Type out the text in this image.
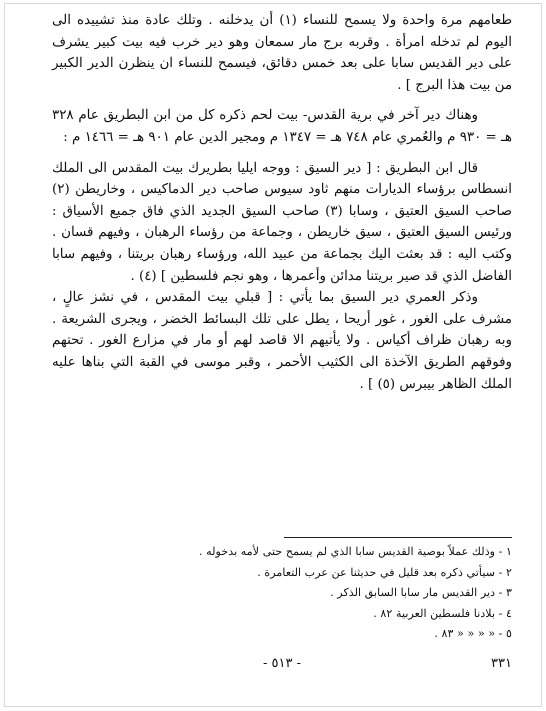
طعامهم مرة واحدة ولا يسمح للنساء (١) أن يدخلنه . وتلك عادة منذ تشييده الى اليوم لم تدخله امرأة . وقربه برج مار سمعان وهو دير خرب فيه بيت كبير يشرف على دير القديس سابا على بعد خمس دقائق، فيسمح للنساء ان ينظرن الدير الكبير من بيت هذا البرج ] .

وهناك دير آخر في برية القدس- بيت لحم ذكره كل من ابن البطريق عام ٣٢٨ هـ = ٩٣٠ م والعُمري عام ٧٤٨ هـ = ١٣٤٧ م ومجير الدين عام ٩٠١ هـ = ١٤٦٦ م :

قال ابن البطريق : [ دير السيق : ووجه ايليا بطريرك بيت المقدس الى الملك انسطاس برؤساء الديارات منهم ثاود سيوس صاحب دير الدماكيس ، وخاريطن (٢) صاحب السيق العتيق ، وسابا (٣) صاحب السيق الجديد الذي فاق جميع الأسياق : ورئيس السيق العتيق ، سيق خاريطن ، وجماعة من رؤساء الرهبان ، وفيهم قسان . وكتب اليه : قد بعثت اليك بجماعة من عبيد الله، ورؤساء رهبان بريتنا ، وفيهم سابا الفاضل الذي قد صير بريتنا مدائن وأعمرها ، وهو نجم فلسطين ] (٤) .

وذكر العمري دير السيق بما يأتي : [ قبلي بيت المقدس ، في نشز عالٍ ، مشرف على الغور ، غور أريحا ، يطل على تلك البسائط الخضر ، ويجرى الشريعة . وبه رهبان ظراف أكياس . ولا يأتيهم الا قاصد لهم أو مار في مزارع الغور . تحتهم وفوقهم الطريق الآخذة الى الكثيب الأحمر ، وقبر موسى في القبة التي بناها عليه الملك الظاهر بيبرس (٥) ] .

١ - وذلك عملاً بوصية القديس سابا الذي لم يسمح حتى لأمه بدخوله .
٢ - سيأتي ذكره بعد قليل في حديثنا عن عرب التعامرة .
٣ - دير القديس مار سابا السابق الذكر .
٤ - بلادنا فلسطين العربية ٨٢ .
٥ - « « « « ٨٣ .
٣٣١
- ٥١٣ -
